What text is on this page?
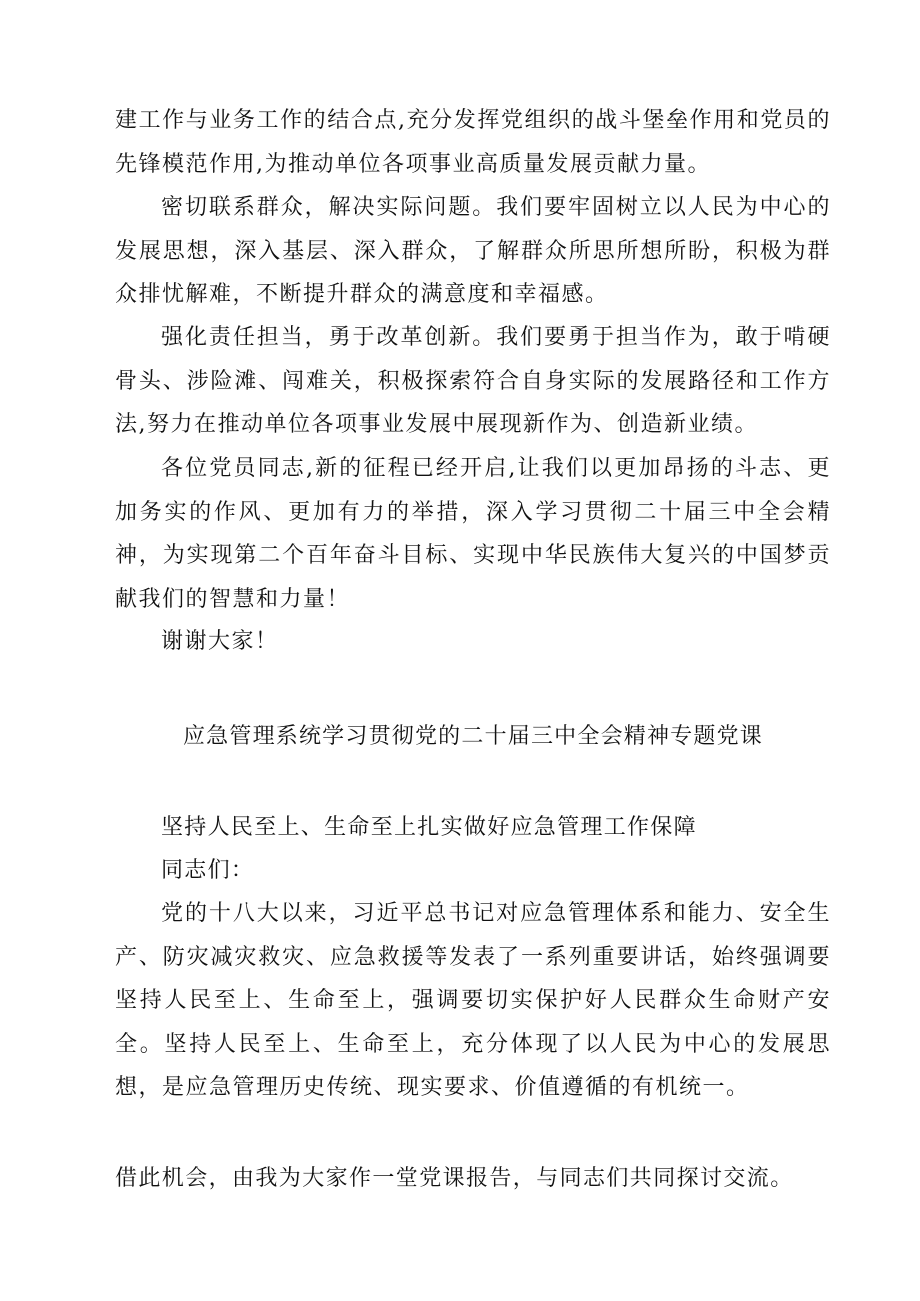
建工作与业务工作的结合点,充分发挥党组织的战斗堡垒作用和党员的先锋模范作用,为推动单位各项事业高质量发展贡献力量。

密切联系群众，解决实际问题。我们要牢固树立以人民为中心的发展思想，深入基层、深入群众，了解群众所思所想所盼，积极为群众排忧解难，不断提升群众的满意度和幸福感。

强化责任担当，勇于改革创新。我们要勇于担当作为，敢于啃硬骨头、涉险滩、闯难关，积极探索符合自身实际的发展路径和工作方法,努力在推动单位各项事业发展中展现新作为、创造新业绩。

各位党员同志,新的征程已经开启,让我们以更加昂扬的斗志、更加务实的作风、更加有力的举措，深入学习贯彻二十届三中全会精神，为实现第二个百年奋斗目标、实现中华民族伟大复兴的中国梦贡献我们的智慧和力量！

谢谢大家！

应急管理系统学习贯彻党的二十届三中全会精神专题党课

坚持人民至上、生命至上扎实做好应急管理工作保障

同志们：

党的十八大以来，习近平总书记对应急管理体系和能力、安全生产、防灾减灾救灾、应急救援等发表了一系列重要讲话，始终强调要坚持人民至上、生命至上，强调要切实保护好人民群众生命财产安全。坚持人民至上、生命至上，充分体现了以人民为中心的发展思想，是应急管理历史传统、现实要求、价值遵循的有机统一。

借此机会，由我为大家作一堂党课报告，与同志们共同探讨交流。
